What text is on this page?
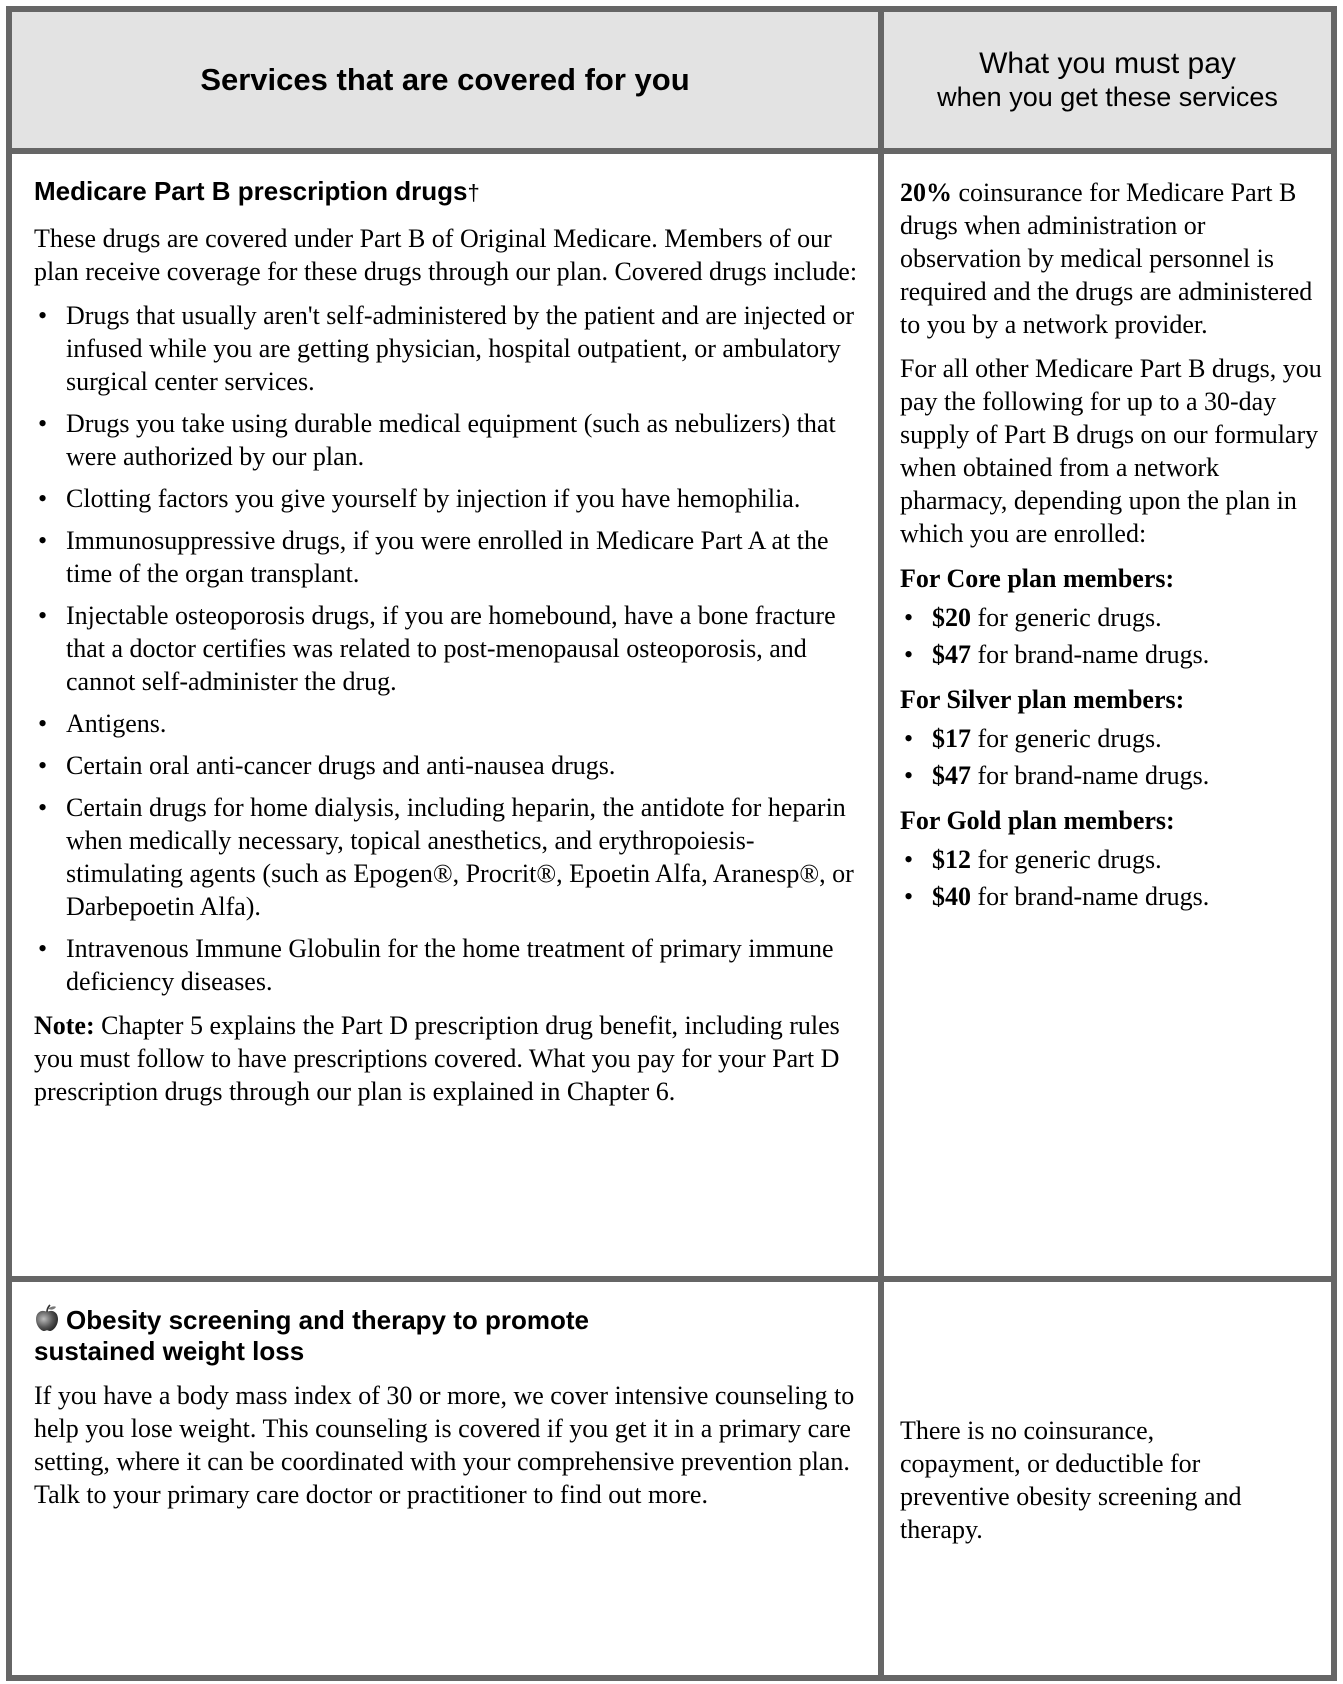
Services that are covered for you	What you must pay
when you get these services
Medicare Part B prescription drugs†

These drugs are covered under Part B of Original Medicare. Members of our plan receive coverage for these drugs through our plan. Covered drugs include:

• Drugs that usually aren't self-administered by the patient and are injected or infused while you are getting physician, hospital outpatient, or ambulatory surgical center services.
• Drugs you take using durable medical equipment (such as nebulizers) that were authorized by our plan.
• Clotting factors you give yourself by injection if you have hemophilia.
• Immunosuppressive drugs, if you were enrolled in Medicare Part A at the time of the organ transplant.
• Injectable osteoporosis drugs, if you are homebound, have a bone fracture that a doctor certifies was related to post-menopausal osteoporosis, and cannot self-administer the drug.
• Antigens.
• Certain oral anti-cancer drugs and anti-nausea drugs.
• Certain drugs for home dialysis, including heparin, the antidote for heparin when medically necessary, topical anesthetics, and erythropoiesis-stimulating agents (such as Epogen®, Procrit®, Epoetin Alfa, Aranesp®, or Darbepoetin Alfa).
• Intravenous Immune Globulin for the home treatment of primary immune deficiency diseases.

Note: Chapter 5 explains the Part D prescription drug benefit, including rules you must follow to have prescriptions covered. What you pay for your Part D prescription drugs through our plan is explained in Chapter 6.

20% coinsurance for Medicare Part B drugs when administration or observation by medical personnel is required and the drugs are administered to you by a network provider.

For all other Medicare Part B drugs, you pay the following for up to a 30-day supply of Part B drugs on our formulary when obtained from a network pharmacy, depending upon the plan in which you are enrolled:

For Core plan members:
• $20 for generic drugs.
• $47 for brand-name drugs.
For Silver plan members:
• $17 for generic drugs.
• $47 for brand-name drugs.
For Gold plan members:
• $12 for generic drugs.
• $40 for brand-name drugs.
Obesity screening and therapy to promote
sustained weight loss

If you have a body mass index of 30 or more, we cover intensive counseling to help you lose weight. This counseling is covered if you get it in a primary care setting, where it can be coordinated with your comprehensive prevention plan. Talk to your primary care doctor or practitioner to find out more.

There is no coinsurance, copayment, or deductible for preventive obesity screening and therapy.
